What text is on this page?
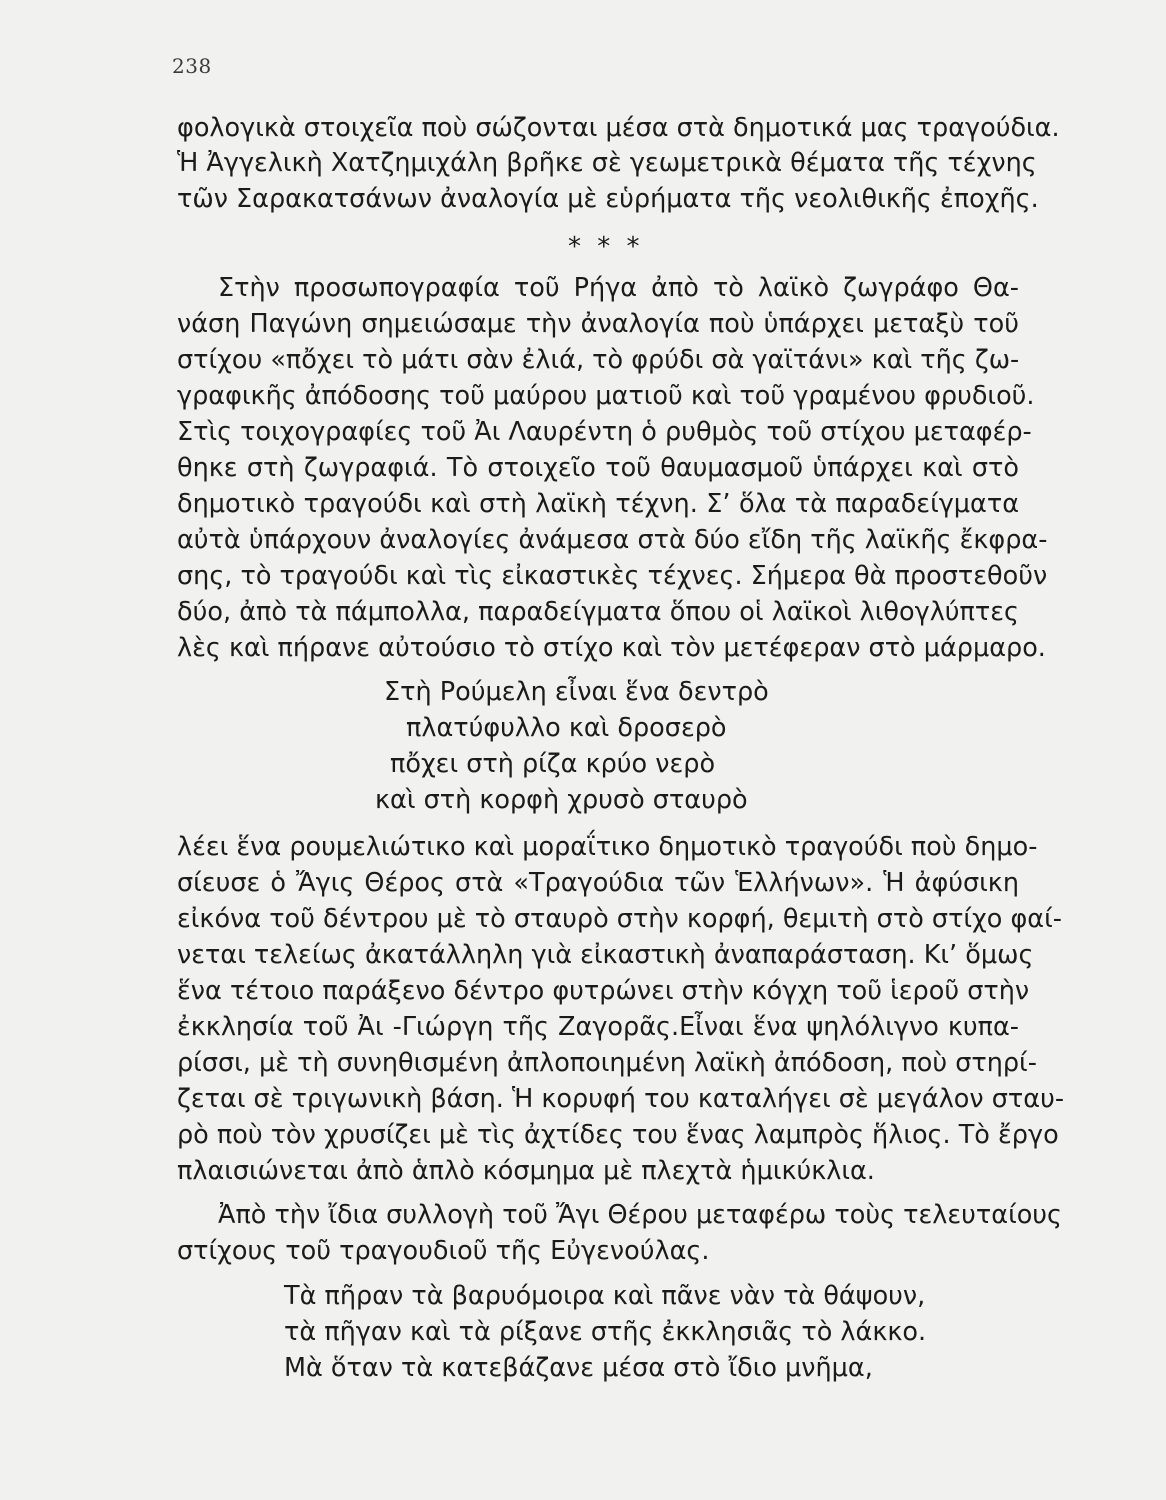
238
φολογικὰ στοιχεῖα ποὺ σώζονται μέσα στὰ δημοτικά μας τραγούδια.
Ἡ Ἀγγελικὴ Χατζημιχάλη βρῆκε σὲ γεωμετρικὰ θέματα τῆς τέχνης
τῶν Σαρακατσάνων ἀναλογία μὲ εὑρήματα τῆς νεολιθικῆς ἐποχῆς.
* * *
Στὴν προσωπογραφία τοῦ Ρήγα ἀπὸ τὸ λαϊκὸ ζωγράφο Θα-
νάση Παγώνη σημειώσαμε τὴν ἀναλογία ποὺ ὑπάρχει μεταξὺ τοῦ
στίχου «πὄχει τὸ μάτι σὰν ἐλιά, τὸ φρύδι σὰ γαϊτάνι» καὶ τῆς ζω-
γραφικῆς ἀπόδοσης τοῦ μαύρου ματιοῦ καὶ τοῦ γραμένου φρυδιοῦ.
Στὶς τοιχογραφίες τοῦ Ἀι Λαυρέντη ὁ ρυθμὸς τοῦ στίχου μεταφέρ-
θηκε στὴ ζωγραφιά. Τὸ στοιχεῖο τοῦ θαυμασμοῦ ὑπάρχει καὶ στὸ
δημοτικὸ τραγούδι καὶ στὴ λαϊκὴ τέχνη. Σ’ ὅλα τὰ παραδείγματα
αὐτὰ ὑπάρχουν ἀναλογίες ἀνάμεσα στὰ δύο εἴδη τῆς λαϊκῆς ἔκφρα-
σης, τὸ τραγούδι καὶ τὶς εἰκαστικὲς τέχνες. Σήμερα θὰ προστεθοῦν
δύο, ἀπὸ τὰ πάμπολλα, παραδείγματα ὅπου οἱ λαϊκοὶ λιθογλύπτες
λὲς καὶ πήρανε αὐτούσιο τὸ στίχο καὶ τὸν μετέφεραν στὸ μάρμαρο.
Στὴ Ρούμελη εἶναι ἕνα δεντρὸ
πλατύφυλλο καὶ δροσερὸ
πὄχει στὴ ρίζα κρύο νερὸ
καὶ στὴ κορφὴ χρυσὸ σταυρὸ
λέει ἕνα ρουμελιώτικο καὶ μοραΐτικο δημοτικὸ τραγούδι ποὺ δημο-
σίευσε ὁ Ἄγις Θέρος στὰ «Τραγούδια τῶν Ἑλλήνων». Ἡ ἀφύσικη
εἰκόνα τοῦ δέντρου μὲ τὸ σταυρὸ στὴν κορφή, θεμιτὴ στὸ στίχο φαί-
νεται τελείως ἀκατάλληλη γιὰ εἰκαστικὴ ἀναπαράσταση. Κι’ ὅμως
ἕνα τέτοιο παράξενο δέντρο φυτρώνει στὴν κόγχη τοῦ ἱεροῦ στὴν
ἐκκλησία τοῦ Ἀι -Γιώργη τῆς Ζαγορᾶς.Εἶναι ἕνα ψηλόλιγνο κυπα-
ρίσσι, μὲ τὴ συνηθισμένη ἀπλοποιημένη λαϊκὴ ἀπόδοση, ποὺ στηρί-
ζεται σὲ τριγωνικὴ βάση. Ἡ κορυφή του καταλήγει σὲ μεγάλον σταυ-
ρὸ ποὺ τὸν χρυσίζει μὲ τὶς ἀχτίδες του ἕνας λαμπρὸς ἥλιος. Τὸ ἔργο
πλαισιώνεται ἀπὸ ἁπλὸ κόσμημα μὲ πλεχτὰ ἡμικύκλια.
Ἀπὸ τὴν ἴδια συλλογὴ τοῦ Ἄγι Θέρου μεταφέρω τοὺς τελευταίους
στίχους τοῦ τραγουδιοῦ τῆς Εὐγενούλας.
Τὰ πῆραν τὰ βαρυόμοιρα καὶ πᾶνε νὰν τὰ θάψουν,
τὰ πῆγαν καὶ τὰ ρίξανε στῆς ἐκκλησιᾶς τὸ λάκκο.
Μὰ ὅταν τὰ κατεβάζανε μέσα στὸ ἴδιο μνῆμα,
